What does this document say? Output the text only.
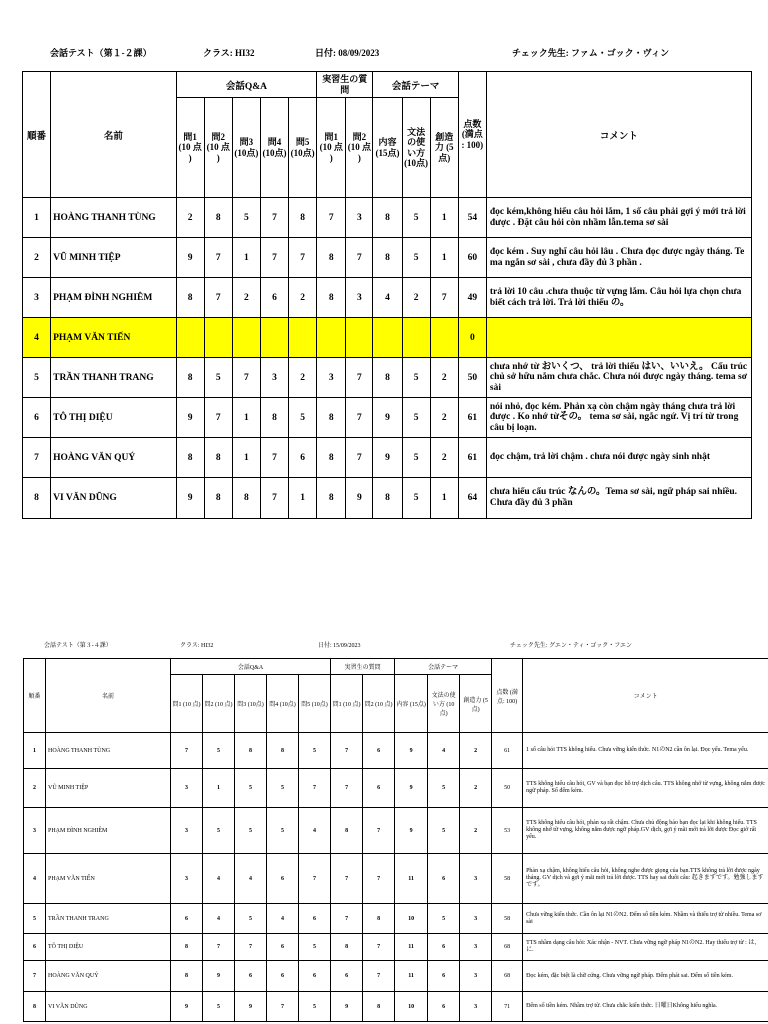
会話テスト（第１-２課）	クラス: HI32	日付: 08/09/2023	チェック先生: ファム・ゴック・ヴィン
順番	名前	会話Q&A					実習生の質問		会話テーマ			点数 (満点 : 100)	コメント
		問1 (10 点 )	問2 (10 点 )	問3 (10点)	問4 (10点)	問5 (10点)	問1 (10 点 )	問2 (10 点 )	内容 (15点)	文法の使い方 (10点)	創造力 (5点)		
1	HOÀNG THANH TÙNG	2	8	5	7	8	7	3	8	5	1	54	đọc kém,không hiểu câu hỏi lắm, 1 số câu phải gợi ý mới trả lời được . Đặt câu hỏi còn nhầm lẫn.tema sơ sài
2	VŨ MINH TIỆP	9	7	1	7	7	8	7	8	5	1	60	đọc kém . Suy nghĩ câu hỏi lâu . Chưa đọc được ngày tháng. Te ma ngắn sơ sài , chưa đầy đủ 3 phần .
3	PHẠM ĐÌNH NGHIÊM	8	7	2	6	2	8	3	4	2	7	49	trả lời 10 câu .chưa thuộc từ vựng lắm. Câu hỏi lựa chọn chưa biết cách trả lời. Trả lời thiếu の。
4	PHẠM VĂN TIẾN											0	
5	TRẦN THANH TRANG	8	5	7	3	2	3	7	8	5	2	50	chưa nhớ từ おいくつ、 trả lời thiếu はい、いいえ。 Cấu trúc chủ sở hữu nắm chưa chắc. Chưa nói được ngày tháng. tema sơ sài
6	TÔ THỊ DIỆU	9	7	1	8	5	8	7	9	5	2	61	nói nhỏ, đọc kém. Phản xạ còn chậm ngày tháng chưa trả lời được . Ko nhớ từその。 tema sơ sài, ngắc ngứ. Vị trí từ trong câu bị loạn.
7	HOÀNG VĂN QUÝ	8	8	1	7	6	8	7	9	5	2	61	đọc chậm, trả lời chậm . chưa nói được ngày sinh nhật
8	VI VĂN DŨNG	9	8	8	7	1	8	9	8	5	1	64	chưa hiểu cấu trúc なんの。Tema sơ sài, ngữ pháp sai nhiều. Chưa đầy đủ 3 phần
会話テスト（第３-４課）	クラス: HI32	日付: 15/09/2023	チェック先生: グエン・ティ・ゴック・フエン
順番	名前	会話Q&A					実習生の質問		会話テーマ			点数 (満点: 100)	コメント
		問1 (10 点)	問2 (10 点)	問3 (10点)	問4 (10点)	問5 (10点)	問1 (10 点)	問2 (10 点)	内容 (15点)	文法の使い方 (10点)	創造力 (5点)		
1	HOÀNG THANH TÙNG	7	5	8	8	5	7	6	9	4	2	61	1 số câu hỏi TTS không hiểu. Chưa vững kiến thức. N1のN2 cần ôn lại. Đọc yếu. Tema yếu.
2	VŨ MINH TIỆP	3	1	5	5	7	7	6	9	5	2	50	TTS không hiểu câu hỏi, GV và bạn đọc hỗ trợ dịch câu. TTS không nhớ từ vựng, không nắm được ngữ pháp. Số đếm kém.
3	PHẠM ĐÌNH NGHIÊM	3	5	5	5	4	8	7	9	5	2	53	TTS không hiểu câu hỏi, phản xạ rất chậm. Chưa chủ động báo bạn đọc lại khi không hiểu. TTS không nhớ từ vựng, không nắm được ngữ pháp.GV dịch, gợi ý mãi mới trả lời được Đọc giờ rất yếu.
4	PHẠM VĂN TIẾN	3	4	4	6	7	7	7	11	6	3	58	Phản xạ chậm, không hiểu câu hỏi, không nghe được giọng của bạn.TTS không trả lời được ngày tháng. GV dịch và gợi ý mãi mới trả lời được. TTS hay sai đuôi câu: 起きますです。勉強しますです。
5	TRẦN THANH TRANG	6	4	5	4	6	7	8	10	5	3	58	Chưa vững kiến thức. Cần ôn lại N1のN2. Đếm số tiền kém. Nhầm và thiếu trợ từ nhiều. Tema sơ sài
6	TÔ THỊ DIỆU	8	7	7	6	5	8	7	11	6	3	68	TTS nhầm dạng câu hỏi: Xác nhận - NVT. Chưa vững ngữ pháp N1のN2. Hay thiếu trợ từ : は、に.
7	HOÀNG VĂN QUÝ	8	9	6	6	6	6	7	11	6	3	68	Đọc kém, đặc biệt là chữ cứng. Chưa vững ngữ pháp. Đếm phát sai. Đếm số tiền kém.
8	VI VĂN DŨNG	9	5	9	7	5	9	8	10	6	3	71	Đếm số tiền kém. Nhầm trợ từ. Chưa chắc kiến thức. 日曜日Không hiểu nghĩa.
